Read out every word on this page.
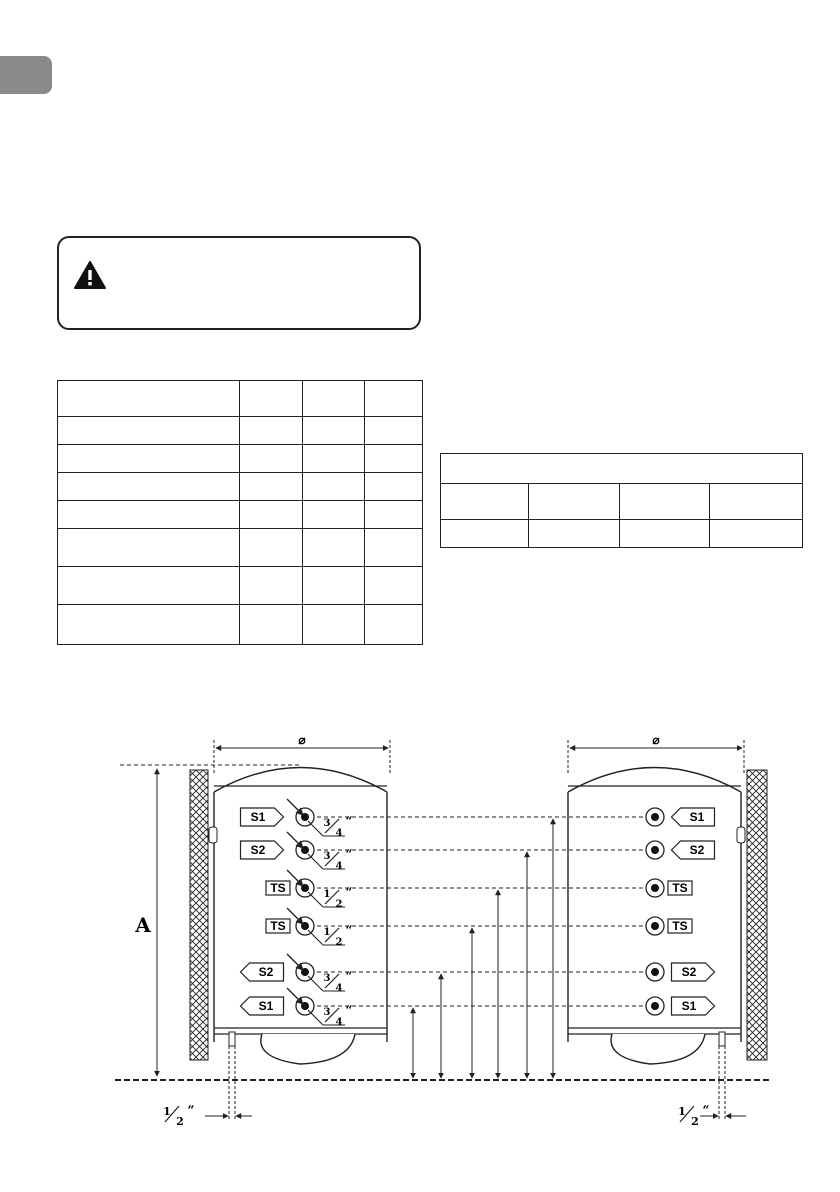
⌀	⌀
A
3
4
“
S1
3
4
“
S2
1
2
“
TS
1
2
“
TS
3
4
“
S2
3
4
“
S1
S1
S2
TS
TS
S2
S1
1
2
“	1
2
“
